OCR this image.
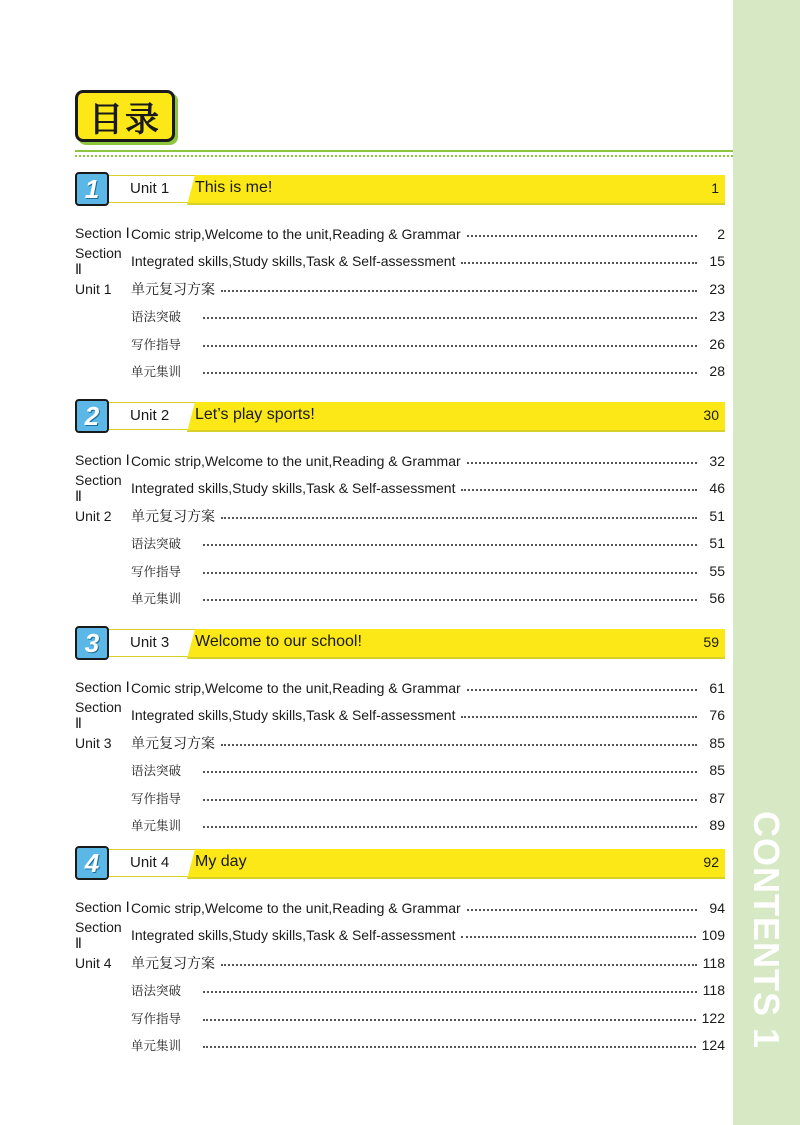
CONTENTS 1
目录
1	Unit 1 This is me!	1
Section Ⅰ Comic strip,Welcome to the unit,Reading & Grammar	2
Section Ⅱ	Integrated skills,Study skills,Task & Self-assessment	15
Unit 1	单元复习方案	23
语法突破	23
写作指导	26
单元集训	28
2	Unit 2 Let’s play sports!	30
Section Ⅰ Comic strip,Welcome to the unit,Reading & Grammar	32
Section Ⅱ	Integrated skills,Study skills,Task & Self-assessment	46
Unit 2	单元复习方案	51
语法突破	51
写作指导	55
单元集训	56
3	Unit 3 Welcome to our school!	59
Section Ⅰ Comic strip,Welcome to the unit,Reading & Grammar	61
Section Ⅱ	Integrated skills,Study skills,Task & Self-assessment	76
Unit 3	单元复习方案	85
语法突破	85
写作指导	87
单元集训	89
4	Unit 4 My day	92
Section Ⅰ Comic strip,Welcome to the unit,Reading & Grammar	94
Section Ⅱ	Integrated skills,Study skills,Task & Self-assessment	109
Unit 4	单元复习方案	118
语法突破	118
写作指导	122
单元集训	124
